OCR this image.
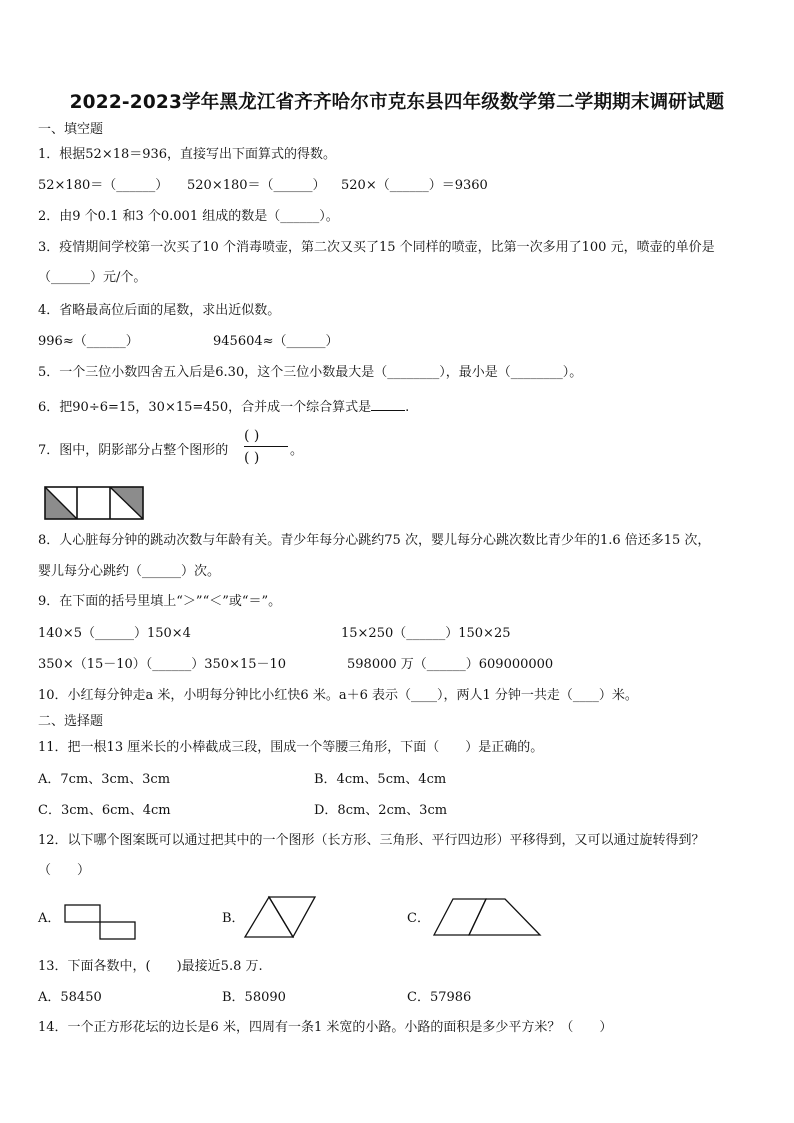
2022-2023学年黑龙江省齐齐哈尔市克东县四年级数学第二学期期末调研试题
一、填空题
1．根据52×18＝936，直接写出下面算式的得数。
52×180＝（______） 520×180＝（______） 520×（______）＝9360
2．由9 个0.1 和3 个0.001 组成的数是（______）。
3．疫情期间学校第一次买了10 个消毒喷壶，第二次又买了15 个同样的喷壶，比第一次多用了100 元，喷壶的单价是
（______）元/个。
4．省略最高位后面的尾数，求出近似数。
996≈（______）	945604≈（______）
5．一个三位小数四舍五入后是6.30，这个三位小数最大是（________），最小是（________）。
6．把90÷6=15，30×15=450，合并成一个综合算式是	.
7．图中，阴影部分占整个图形的
( )
( ) 。
8．人心脏每分钟的跳动次数与年龄有关。青少年每分心跳约75 次，婴儿每分心跳次数比青少年的1.6 倍还多15 次，
婴儿每分心跳约（______）次。
9．在下面的括号里填上“＞”“＜”或“＝”。
140×5（______）150×4	15×250（______）150×25
350×（15－10）（______）350×15－10	598000 万（______）609000000
10．小红每分钟走a 米，小明每分钟比小红快6 米。a＋6 表示（____），两人1 分钟一共走（____）米。
二、选择题
11．把一根13 厘米长的小棒截成三段，围成一个等腰三角形，下面（　　）是正确的。
A．7cm、3cm、3cm	B．4cm、5cm、4cm
C．3cm、6cm、4cm	D．8cm、2cm、3cm
12．以下哪个图案既可以通过把其中的一个图形（长方形、三角形、平行四边形）平移得到，又可以通过旋转得到？
（　　）
A．	B．	C．
13．下面各数中，(　　)最接近5.8 万.
A．58450	B．58090	C．57986
14．一个正方形花坛的边长是6 米，四周有一条1 米宽的小路。小路的面积是多少平方米？（　　）
